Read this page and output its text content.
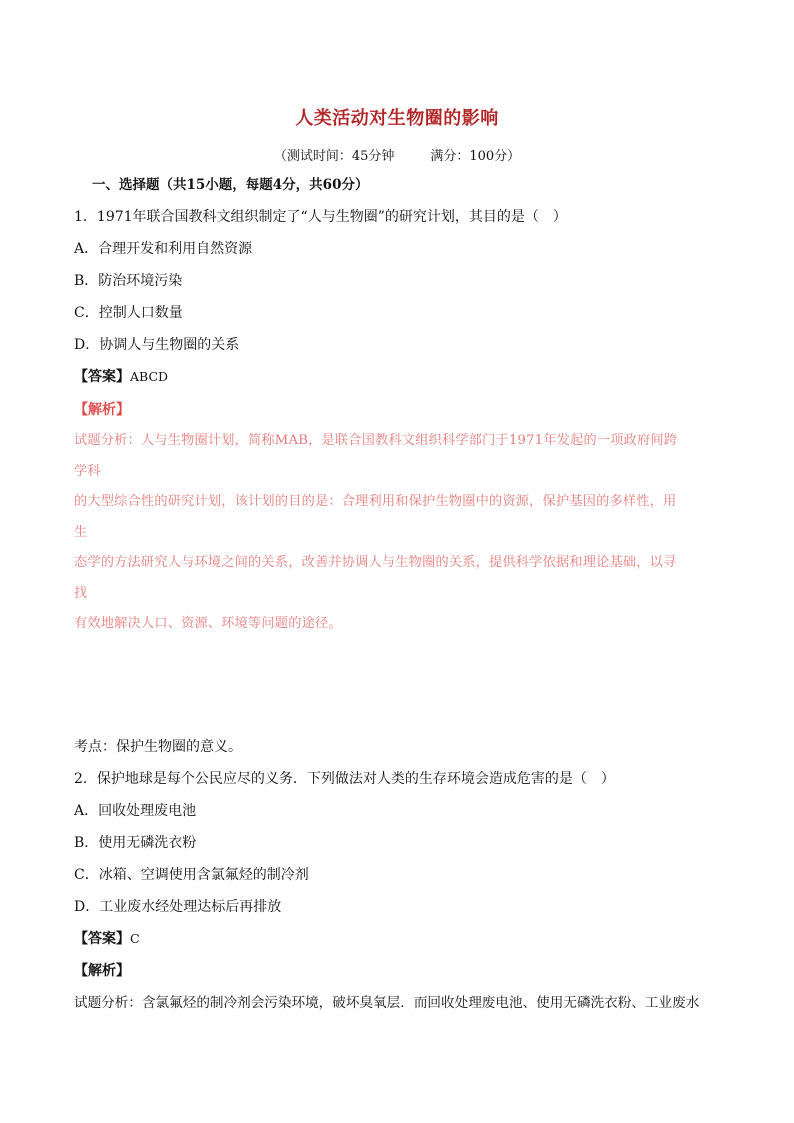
人类活动对生物圈的影响
（测试时间：45分钟	满分：100分）
一、选择题（共15小题，每题4分，共60分）
1．1971年联合国教科文组织制定了“人与生物圈”的研究计划，其目的是（　）
A．合理开发和利用自然资源
B．防治环境污染
C．控制人口数量
D．协调人与生物圈的关系
【答案】ABCD
【解析】
试题分析：人与生物圈计划，简称MAB，是联合国教科文组织科学部门于1971年发起的一项政府间跨学科
的大型综合性的研究计划，该计划的目的是：合理利用和保护生物圈中的资源，保护基因的多样性，用生
态学的方法研究人与环境之间的关系，改善并协调人与生物圈的关系，提供科学依据和理论基础，以寻找
有效地解决人口、资源、环境等问题的途径。
考点：保护生物圈的意义。
2．保护地球是每个公民应尽的义务．下列做法对人类的生存环境会造成危害的是（　）
A．回收处理废电池
B．使用无磷洗衣粉
C．冰箱、空调使用含氯氟烃的制冷剂
D．工业废水经处理达标后再排放
【答案】C
【解析】
试题分析：含氯氟烃的制冷剂会污染环境，破坏臭氧层．而回收处理废电池、使用无磷洗衣粉、工业废水
